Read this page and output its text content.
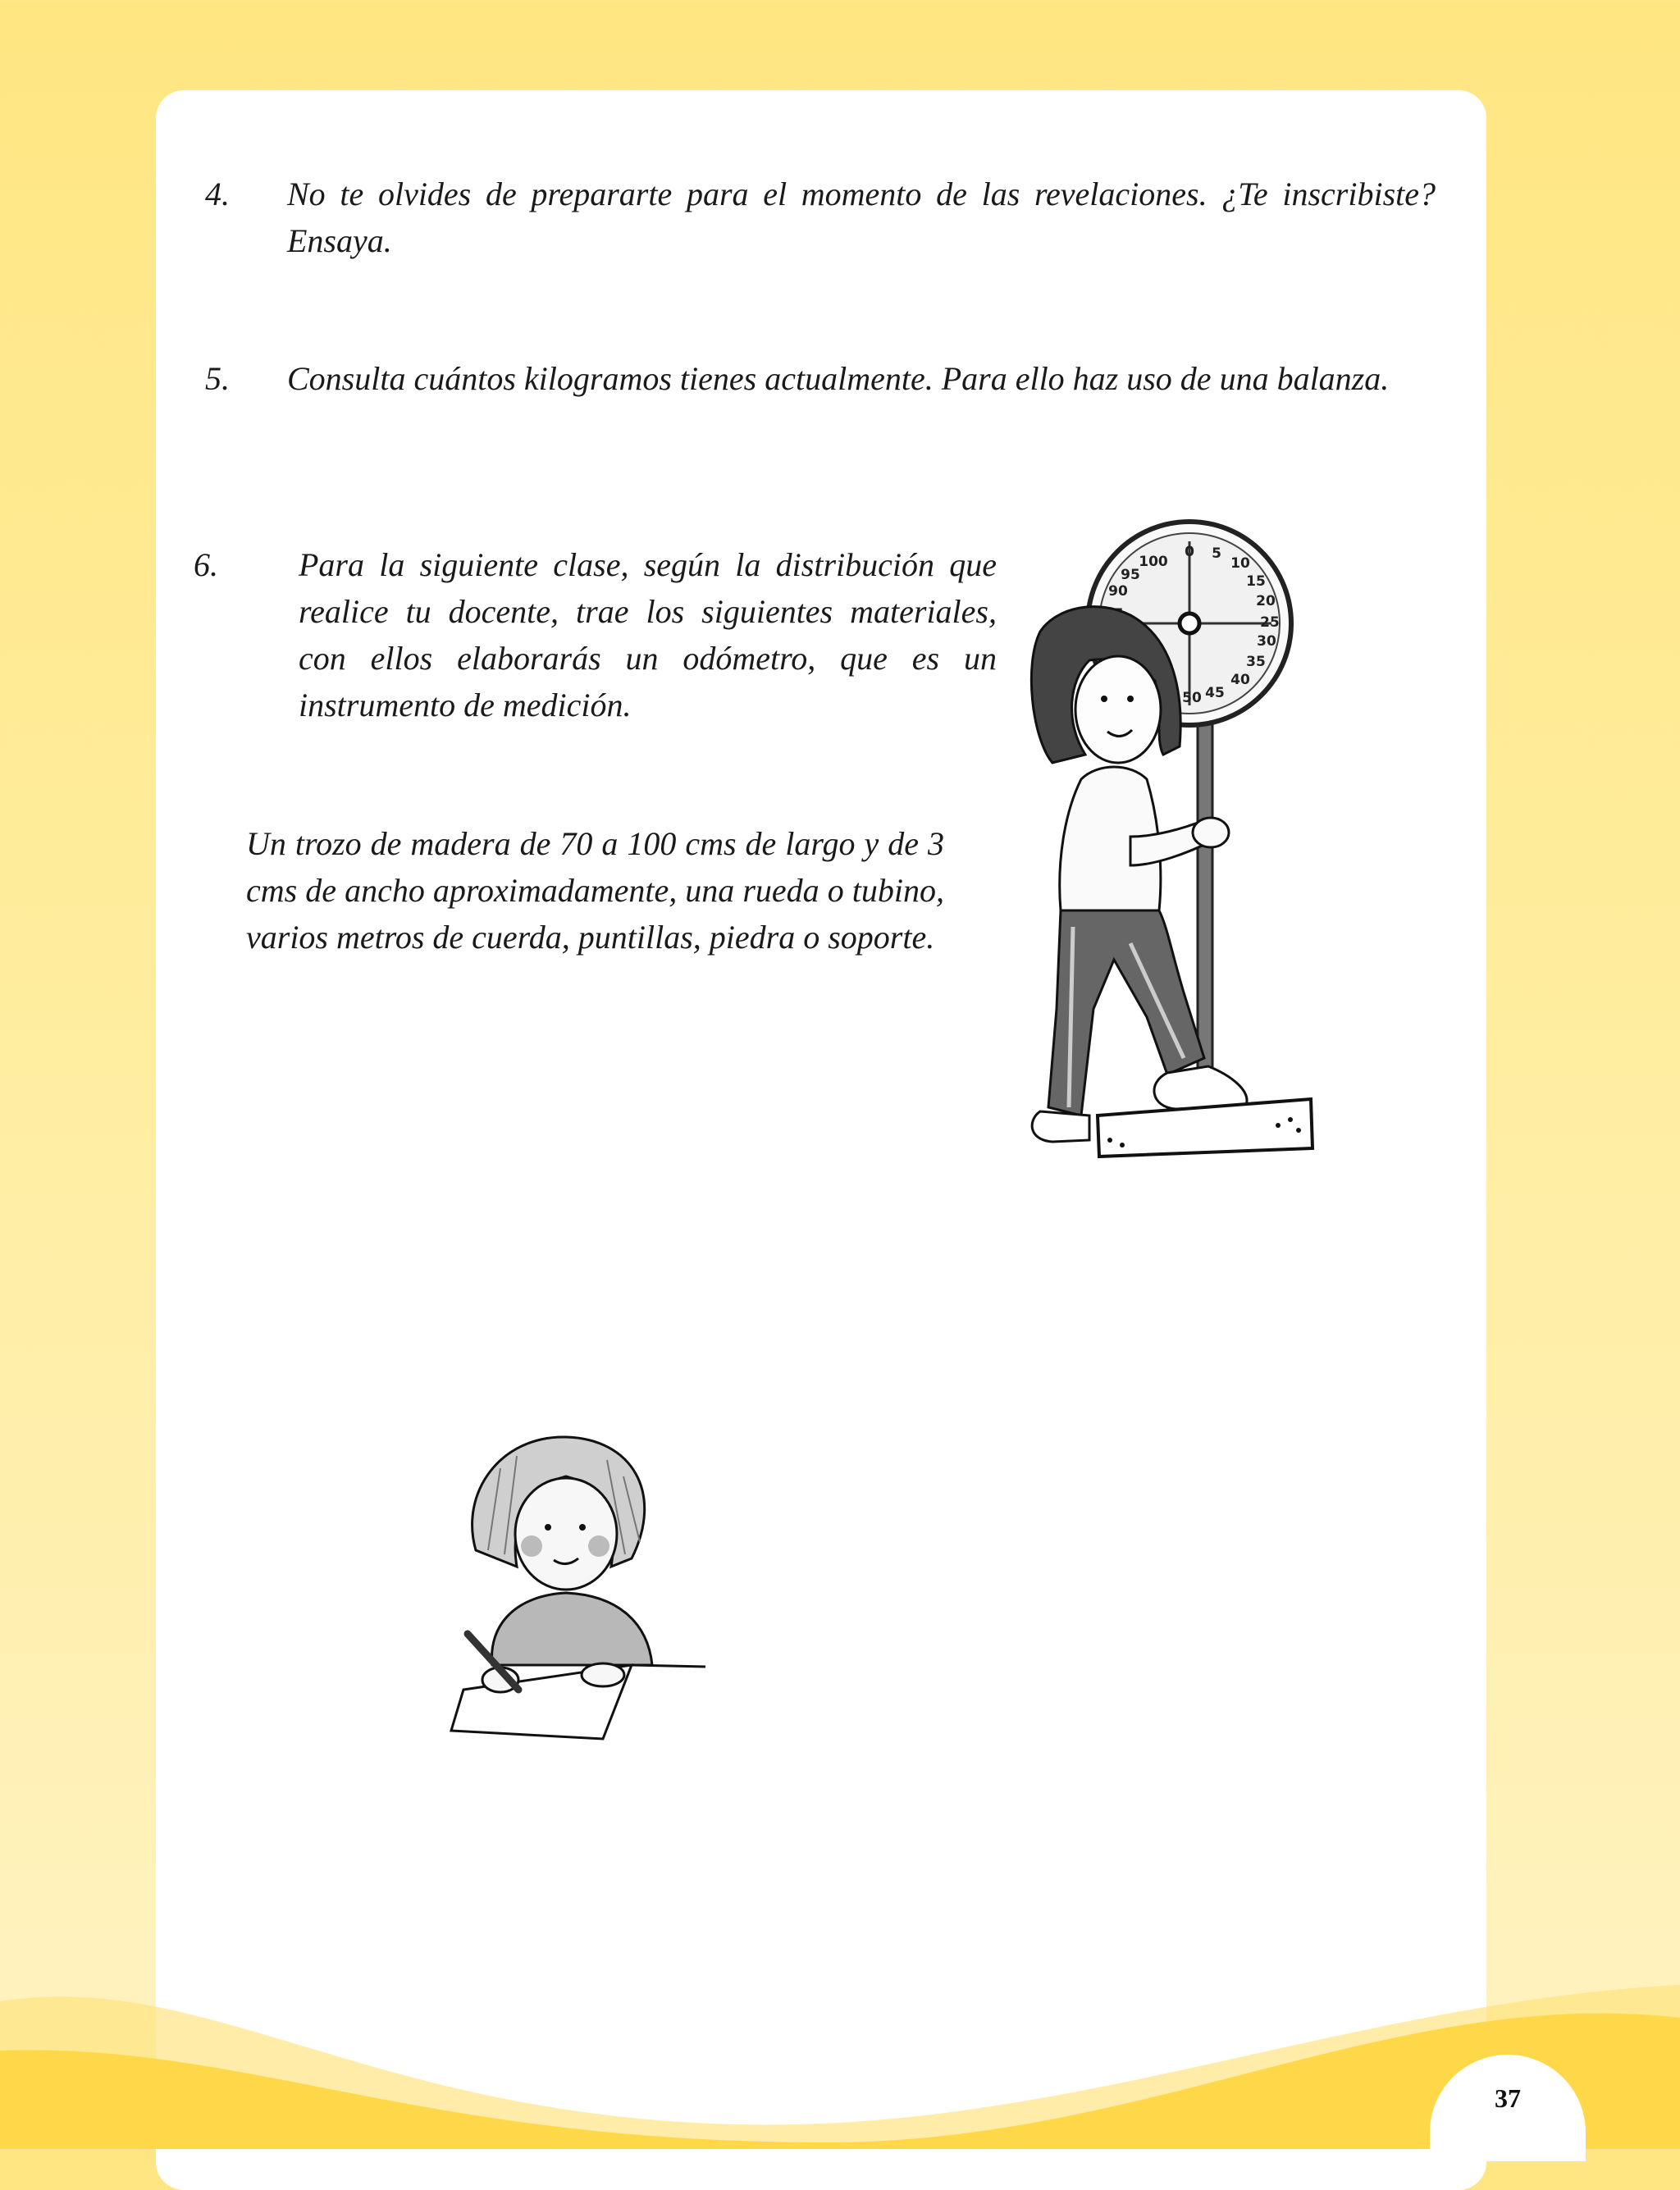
4. No te olvides de prepararte para el momento de las revelaciones. ¿Te inscribiste? Ensaya.

5. Consulta cuántos kilogramos tienes actualmente. Para ello haz uso de una balanza.

6. Para la siguiente clase, según la distribución que realice tu docente, trae los siguientes materiales, con ellos elaborarás un odómetro, que es un instrumento de medición.

Un trozo de madera de 70 a 100 cms de largo y de 3 cms de ancho aproximadamente, una rueda o tubino, varios metros de cuerda, puntillas, piedra o soporte.

0 5
10
15
20
25
30
35
40
45
50
90
95
100
37
